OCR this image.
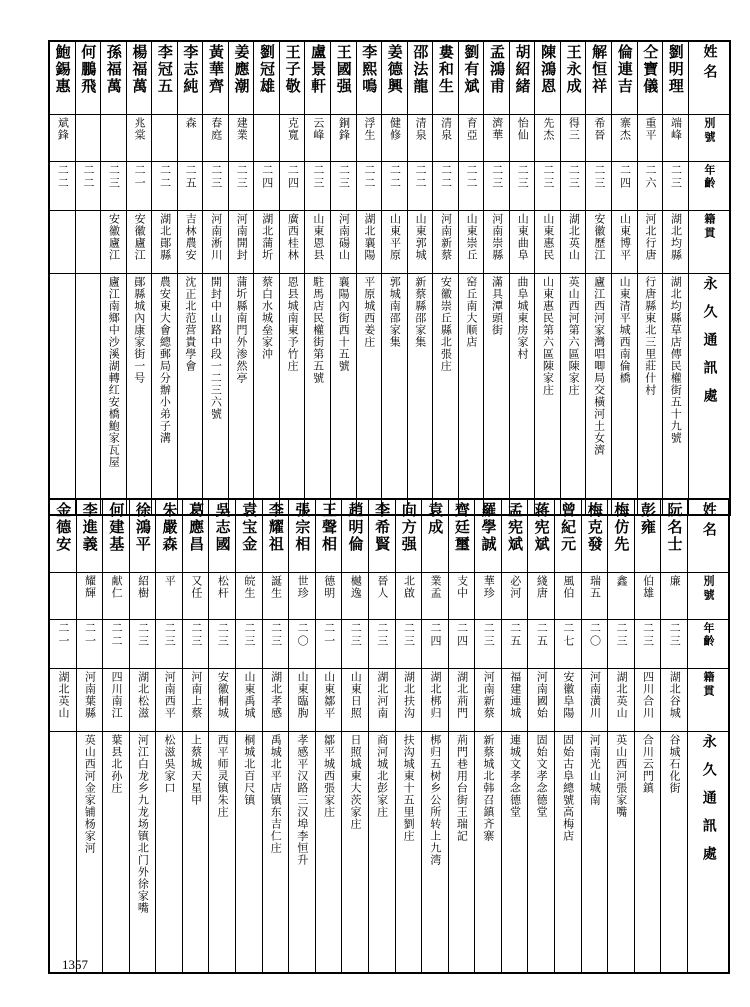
鮑錫惠	何鵬飛	孫福萬	楊福萬	李冠五	李志純	黃華齊	姜應潮	劉冠雄	王子敬	盧景軒	王國强	李熙鳴	姜德興	邵法龍	婁和生	劉有斌	孟鴻甫	胡紹緒	陳鴻恩	王永成	解恒祥	倫連吉	仝寶儀	劉明理	姓名
斌鋒			兆棠		森	春庭	建業		克寬	云峰	銅鋒	浮生	健修	清泉	清泉	育亞	濟華	怡仙	先杰	得三	希晉	寨杰	重平	端峰	別號
二二	二二	二三	二一	二二	二五	二三	二三	二四	二四	二三	二三	二二	二二	二二	二二	二二	二三	二三	二三	二三	二三	二四	二六	二三	年齡
		安徽廬江	安徽廬江	湖北鄖縣	吉林農安	河南淅川	河南開封	湖北蒲圻	廣西桂林	山東恩县	河南碭山	湖北襄陽	山東平原	山東郭城	河南新蔡	山東崇丘	河南崇縣	山東曲阜	山東惠民	湖北英山	安徽歷江	山東博平	河北行唐	湖北均縣	籍貫

		廬江南鄉中沙溪湖轉红安橋鮑家瓦屋	鄖縣城內康家街一号	農安東大會總郵局分辦小弟子溝	沈正北范营貴學會	開封中山路中段一二三六號	蒲圻縣南門外渗然亭	蔡白水城垒家沖	恩县城南東予竹庄	駐馬店民權街第五號	襄陽內街西十五號	平原城西姜庄	郭城南邵家集	新蔡縣邵家集	安徽崇丘縣北張庄	窑丘南大顺店	滿具潭頭街	曲阜城東房家村	山東惠民第六區陳家庄	英山西河第六區陳家庄	廬江西河家灣唱唧局交橫河土女濟	山東清平城西南倫橋	行唐縣東北三里莊什村	湖北均縣草店傳民權街五十九號	永久通訊處
金德安	李進義	何建基	徐鴻平	朱嚴森	葛應昌	吳志國	袁宝金	李耀祖	張宗相	王聲相	趙明倫	李希賢	向方强	袁成	齊廷璽	羅學誠	孟宪斌	蒋宪斌	曾紀元	梅克發	梅仿先	彭雍	阮名士	姓名
	耀輝	献仁	紹樹	平	又任	松杆	皖生	誕生	世珍	德明	樾逸	晉人	北啟	業孟	支中	華珍	必河	綫唐	風伯	瑞五	鑫	伯雄	廉	別號
二一	二一	二二	二三	二三	二三	二三	二三	二三	二〇	二一	二三	二三	二三	二四	二四	二三	二五	二五	二七	二〇	二三	二三	二三	年齡
湖北英山	河南葉縣	四川南江	湖北松滋	河南西平	河南上蔡	安徽桐城	山東禹城	湖北孝感	山東臨朐	山東鄒平	山東日照	湖北河南	湖北扶沟	湖北梆归	湖北荊門	河南新蔡	福建連城	河南國始	安徽阜陽	河南潢川	湖北英山	四川合川	湖北谷城	籍貫

	英山西河金家铺杨家河	葉县北孙庄	河江白龙乡九龙场镇北门外徐家嘴	松滋吳家口	上蔡城天星甲	西平师灵镇朱庄	桐城北百尺镇	禹城北平店镇东吉仁庄	孝感平汉路三汉埠李恒升	鄒平城西張家庄	日照城東大茨家庄	商河城北彭家庄	扶沟城東十五里劉庄	梆归五树乡公所转上九湾	荊門巷用台街王瑞記	新蔡城北韩召鎮齐寨	連城文孝念德堂	固始文孝念德堂	固始古阜總號高梅店	河南光山城南	英山西河張家嘴	合川云門鎮	谷城石化街	永久通訊處
1357
